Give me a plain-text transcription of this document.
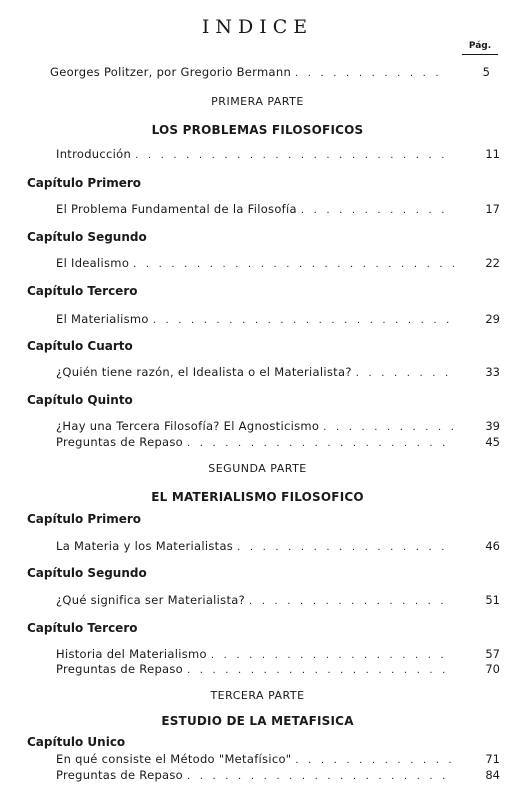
INDICE
Pág.
Georges Politzer, por Gregorio Bermann . . .	5
PRIMERA PARTE
LOS PROBLEMAS FILOSOFICOS
Introducción . . .	11
Capítulo Primero
El Problema Fundamental de la Filosofía . . .	17
Capítulo Segundo
El Idealismo . . .	22
Capítulo Tercero
El Materialismo . . .	29
Capítulo Cuarto
¿Quién tiene razón, el Idealista o el Materialista? . . .	33
Capítulo Quinto
¿Hay una Tercera Filosofía? El Agnosticismo . . .	39
Preguntas de Repaso . . .	45
SEGUNDA PARTE
EL MATERIALISMO FILOSOFICO
Capítulo Primero
La Materia y los Materialistas . . .	46
Capítulo Segundo
¿Qué significa ser Materialista? . . .	51
Capítulo Tercero
Historia del Materialismo . . .	57
Preguntas de Repaso . . .	70
TERCERA PARTE
ESTUDIO DE LA METAFISICA
Capítulo Unico
En qué consiste el Método "Metafísico" . . .	71
Preguntas de Repaso . . .	84
